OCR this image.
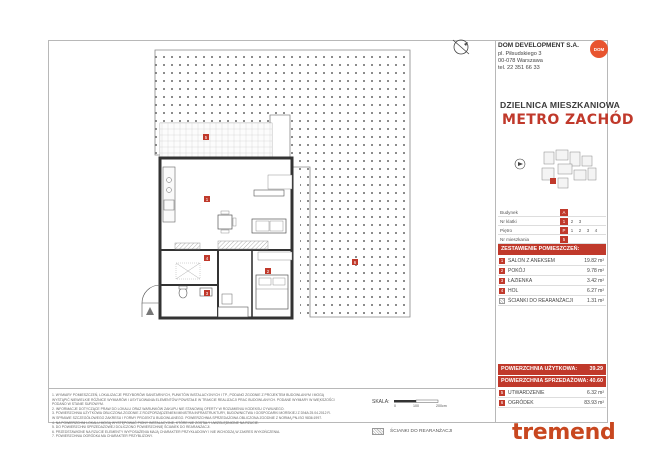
5
1
2
3
4
6
DOM DEVELOPMENT S.A.
pl. Piłsudskiego 3
00-078 Warszawa
tel. 22 351 66 33
DOM
DZIELNICA MIESZKANIOWA
METRO ZACHÓD
Budynek	A
Nr klatki	1	2	3
Piętro	P	1	2	3	4
Nr mieszkania	5
ZESTAWIENIE POMIESZCZEŃ:
1 SALON Z ANEKSEM	19.82 m²
2 POKÓJ	9.78 m²
3 ŁAZIENKA	3.42 m²
4 HOL	6.27 m²
ŚCIANKI DO REARANŻACJI	1.31 m²
POWIERZCHNIA UŻYTKOWA: 39.29
POWIERZCHNIA SPRZEDAŻOWA: 40.60
5 UTWARDZENIE	6.32 m²
6 OGRÓDEK	83.93 m²
1. WYMIARY POMIESZCZEŃ, LOKALIZACJE PRZYBORÓW SANITARNYCH, PUNKTÓW INSTALACYJNYCH I TP., PODANO ZGODNIE Z PROJEKTEM BUDOWLANYM I MOGĄ
WYSTĄPIĆ NIEWIELKIE RÓŻNICE WYMIARÓW I USYTUOWANIA ELEMENTÓW POWSTAŁE W TRAKCIE REALIZACJI PRAC BUDOWLANYCH. PODANE WYMIARY W WIĘKSZOŚCI
PODANO W STANIE SUROWYM.
2. INFORMACJE DOTYCZĄCE PRAW DO LOKALU ORAZ WARUNKÓW ZAKUPU NIE STANOWIĄ OFERTY W ROZUMIENIU KODEKSU CYWILNEGO.
3. POWIERZCHNIA UŻYTKOWA OBLICZONA ZGODNIE Z ROZPORZĄDZENIEM MINISTRA INFRASTRUKTURY, BUDOWNICTWA I GOSPODARKI MORSKIEJ Z DNIA 25.04.2012 R.
W SPRAWIE SZCZEGÓŁOWEGO ZAKRESU I FORMY PROJEKTU BUDOWLANEGO. POWIERZCHNIA SPRZEDAŻOWA OBLICZONA ZGODNIE Z NORMĄ PN-ISO 9836:1997.
4. NA POWIERZCHNI LOKALU MOGĄ WYSTĘPOWAĆ PIONY INSTALACYJNE, KTÓRE NIE ZOSTAŁY UWZGLĘDNIONE NA RZUCIE.
5. DO POWIERZCHNI SPRZEDAŻOWEJ DOLICZONO POWIERZCHNIĘ ŚCIANEK DO REARANŻACJI.
6. PRZEDSTAWIONE NA RZUCIE ELEMENTY WYPOSAŻENIA MAJĄ CHARAKTER PRZYKŁADOWY I NIE WCHODZĄ W ZAKRES WYKOŃCZENIA.
7. POWIERZCHNIA OGRÓDKA MA CHARAKTER PRZYBLIŻONY.
SKALA:
0	100	200cm
ŚCIANKI DO REARANŻACJI	tremend
